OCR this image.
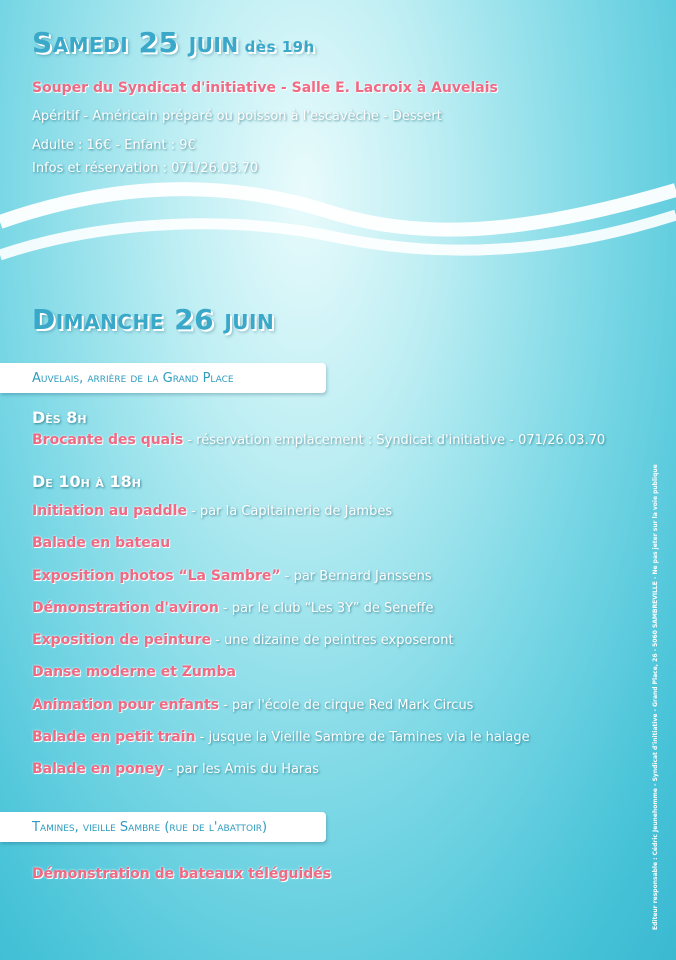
Samedi 25 juin dès 19h
Souper du Syndicat d'initiative - Salle E. Lacroix à Auvelais
Apéritif - Américain préparé ou poisson à l'escavèche - Dessert
Adulte : 16€ - Enfant : 9€
Infos et réservation : 071/26.03.70
Dimanche 26 juin
Auvelais, arrière de la Grand Place
Dès 8h
Brocante des quais - réservation emplacement : Syndicat d'initiative - 071/26.03.70
De 10h à 18h
Initiation au paddle - par la Capitainerie de Jambes
Balade en bateau
Exposition photos “La Sambre” - par Bernard Janssens
Démonstration d'aviron - par le club “Les 3Y” de Seneffe
Exposition de peinture - une dizaine de peintres exposeront
Danse moderne et Zumba
Animation pour enfants - par l'école de cirque Red Mark Circus
Balade en petit train - jusque la Vieille Sambre de Tamines via le halage
Balade en poney - par les Amis du Haras
Tamines, vieille Sambre (rue de l'abattoir)
Démonstration de bateaux téléguidés	Editeur responsable : Cédric Jeunehomme - Syndicat d'initiative - Grand Place, 26 - 5060 SAMBREVILLE - Ne pas jeter sur la voie publique
